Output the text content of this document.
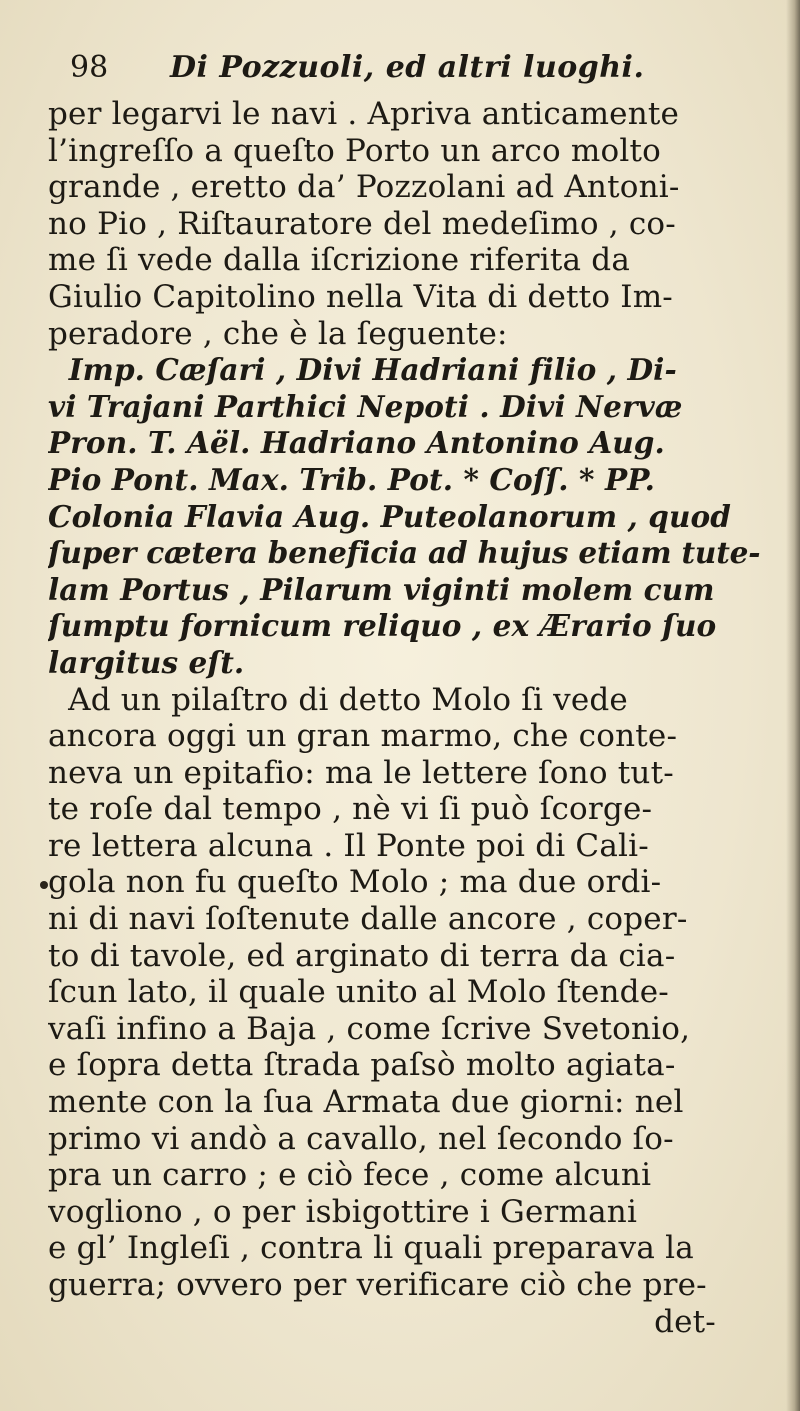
98	Di Pozzuoli, ed altri luoghi.
per legarvi le navi . Apriva anticamente
l’ingreſſo a queſto Porto un arco molto
grande , eretto da’ Pozzolani ad Antoni-
no Pio , Riſtauratore del medeſimo , co-
me ſi vede dalla iſcrizione riferita da
Giulio Capitolino nella Vita di detto Im-
peradore , che è la ſeguente:
Imp. Cæſari , Divi Hadriani filio , Di-
vi Trajani Parthici Nepoti . Divi Nervæ
Pron. T. Aël. Hadriano Antonino Aug.
Pio Pont. Max. Trib. Pot. * Coſſ. * PP.
Colonia Flavia Aug. Puteolanorum , quod
ſuper cætera beneficia ad hujus etiam tute-
lam Portus , Pilarum viginti molem cum
ſumptu fornicum reliquo , ex Ærario ſuo
largitus eſt.
Ad un pilaſtro di detto Molo ſi vede
ancora oggi un gran marmo, che conte-
neva un epitafio: ma le lettere ſono tut-
te roſe dal tempo , nè vi ſi può ſcorge-
re lettera alcuna . Il Ponte poi di Cali-
gola non fu queſto Molo ; ma due ordi-
ni di navi ſoſtenute dalle ancore , coper-
to di tavole, ed arginato di terra da cia-
ſcun lato, il quale unito al Molo ſtende-
vaſi infino a Baja , come ſcrive Svetonio,
e ſopra detta ſtrada paſsò molto agiata-
mente con la ſua Armata due giorni: nel
primo vi andò a cavallo, nel ſecondo ſo-
pra un carro ; e ciò fece , come alcuni
vogliono , o per isbigottire i Germani
e gl’ Ingleſi , contra li quali preparava la
guerra; ovvero per verificare ciò che pre-
det-
